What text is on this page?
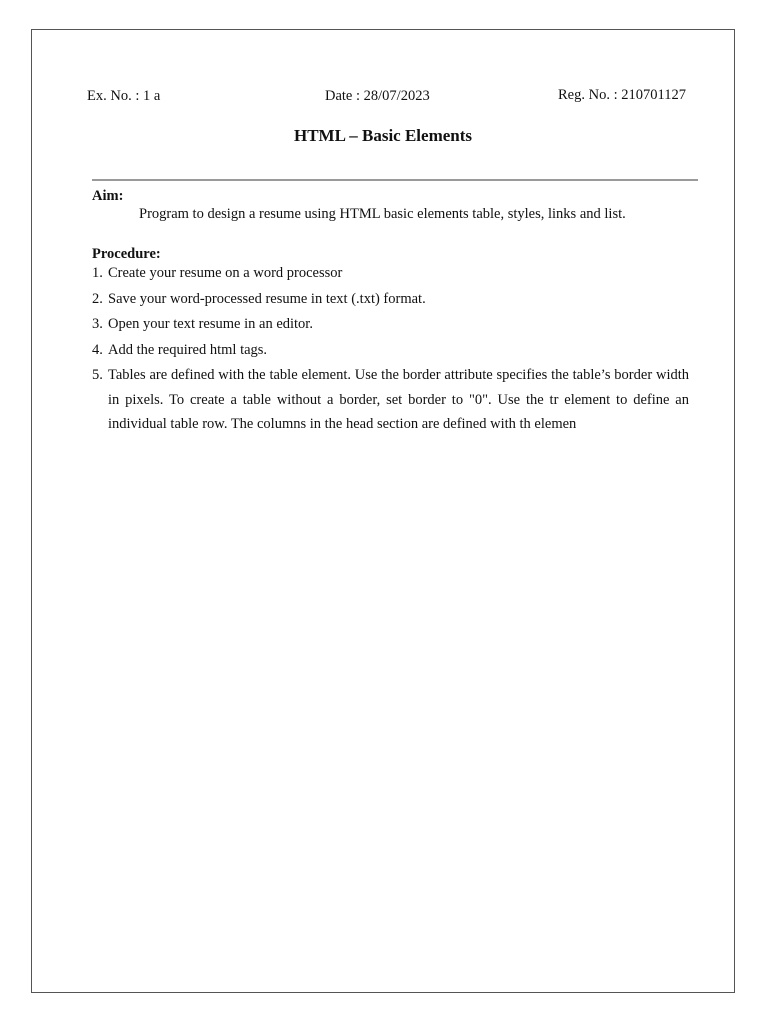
Ex. No. : 1 a	Date : 28/07/2023	Reg. No. : 210701127
HTML – Basic Elements
Aim:
Program to design a resume using HTML basic elements table, styles, links and list.
Procedure:
1. Create your resume on a word processor
2. Save your word-processed resume in text (.txt) format.
3. Open your text resume in an editor.
4. Add the required html tags.
5. Tables are defined with the table element. Use the border attribute specifies the table’s border width in pixels. To create a table without a border, set border to "0". Use the tr element to define an individual table row. The columns in the head section are defined with th elemen
